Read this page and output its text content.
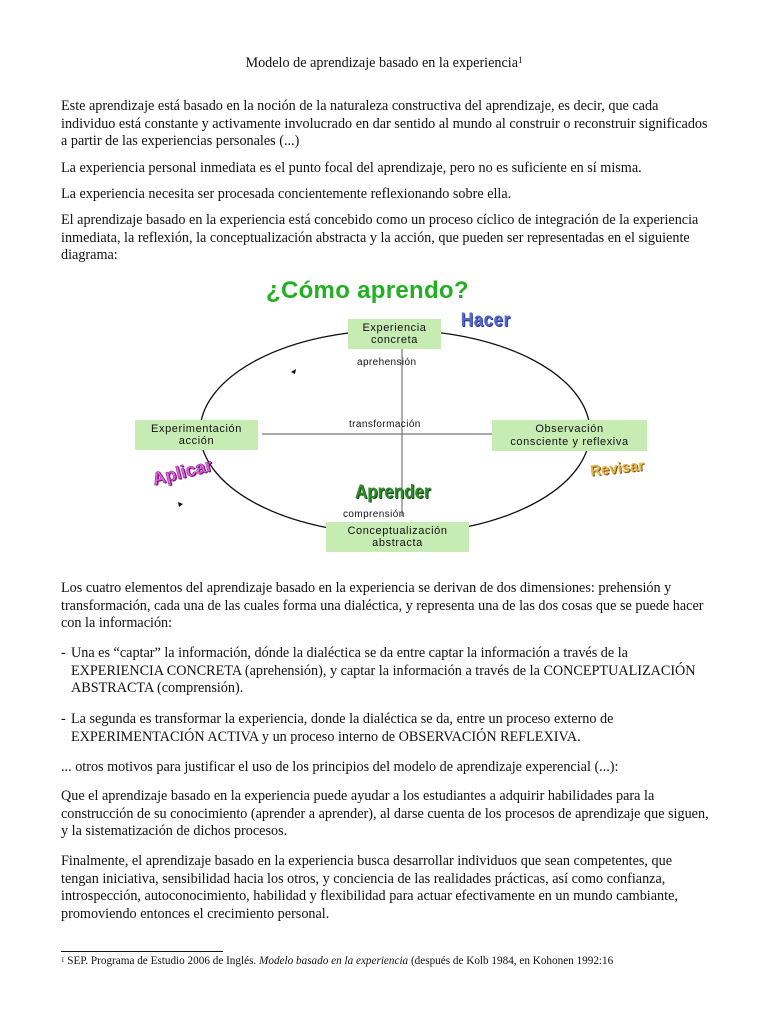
Modelo de aprendizaje basado en la experiencia$^1$

Este aprendizaje está basado en la noción de la naturaleza constructiva del aprendizaje, es decir, que cada individuo está constante y activamente involucrado en dar sentido al mundo al construir o reconstruir significados a partir de las experiencias personales (...)

La experiencia personal inmediata es el punto focal del aprendizaje, pero no es suficiente en sí misma.

La experiencia necesita ser procesada concientemente reflexionando sobre ella.

El aprendizaje basado en la experiencia está concebido como un proceso cíclico de integración de la experiencia inmediata, la reflexión, la conceptualización abstracta y la acción, que pueden ser representadas en el siguiente diagrama:

¿Cómo aprendo?
Experiencia
concreta
Experimentación
acción
Observación
consciente y reflexiva
Conceptualización
abstracta
aprehensión
transformación
comprensión
Hacer
Aplicar
Aprender
Revisar

Los cuatro elementos del aprendizaje basado en la experiencia se derivan de dos dimensiones: prehensión y transformación, cada una de las cuales forma una dialéctica, y representa una de las dos cosas que se puede hacer con la información:

- Una es “captar” la información, dónde la dialéctica se da entre captar la información a través de la EXPERIENCIA CONCRETA (aprehensión), y captar la información a través de la CONCEPTUALIZACIÓN ABSTRACTA (comprensión).
- La segunda es transformar la experiencia, donde la dialéctica se da, entre un proceso externo de EXPERIMENTACIÓN ACTIVA y un proceso interno de OBSERVACIÓN REFLEXIVA.

... otros motivos para justificar el uso de los principios del modelo de aprendizaje experencial (...):

Que el aprendizaje basado en la experiencia puede ayudar a los estudiantes a adquirir habilidades para la construcción de su conocimiento (aprender a aprender), al darse cuenta de los procesos de aprendizaje que siguen, y la sistematización de dichos procesos.

Finalmente, el aprendizaje basado en la experiencia busca desarrollar individuos que sean competentes, que tengan iniciativa, sensibilidad hacia los otros, y conciencia de las realidades prácticas, así como confianza, introspección, autoconocimiento, habilidad y flexibilidad para actuar efectivamente en un mundo cambiante, promoviendo entonces el crecimiento personal.

$^1$ SEP. Programa de Estudio 2006 de Inglés. Modelo basado en la experiencia (después de Kolb 1984, en Kohonen 1992:16
